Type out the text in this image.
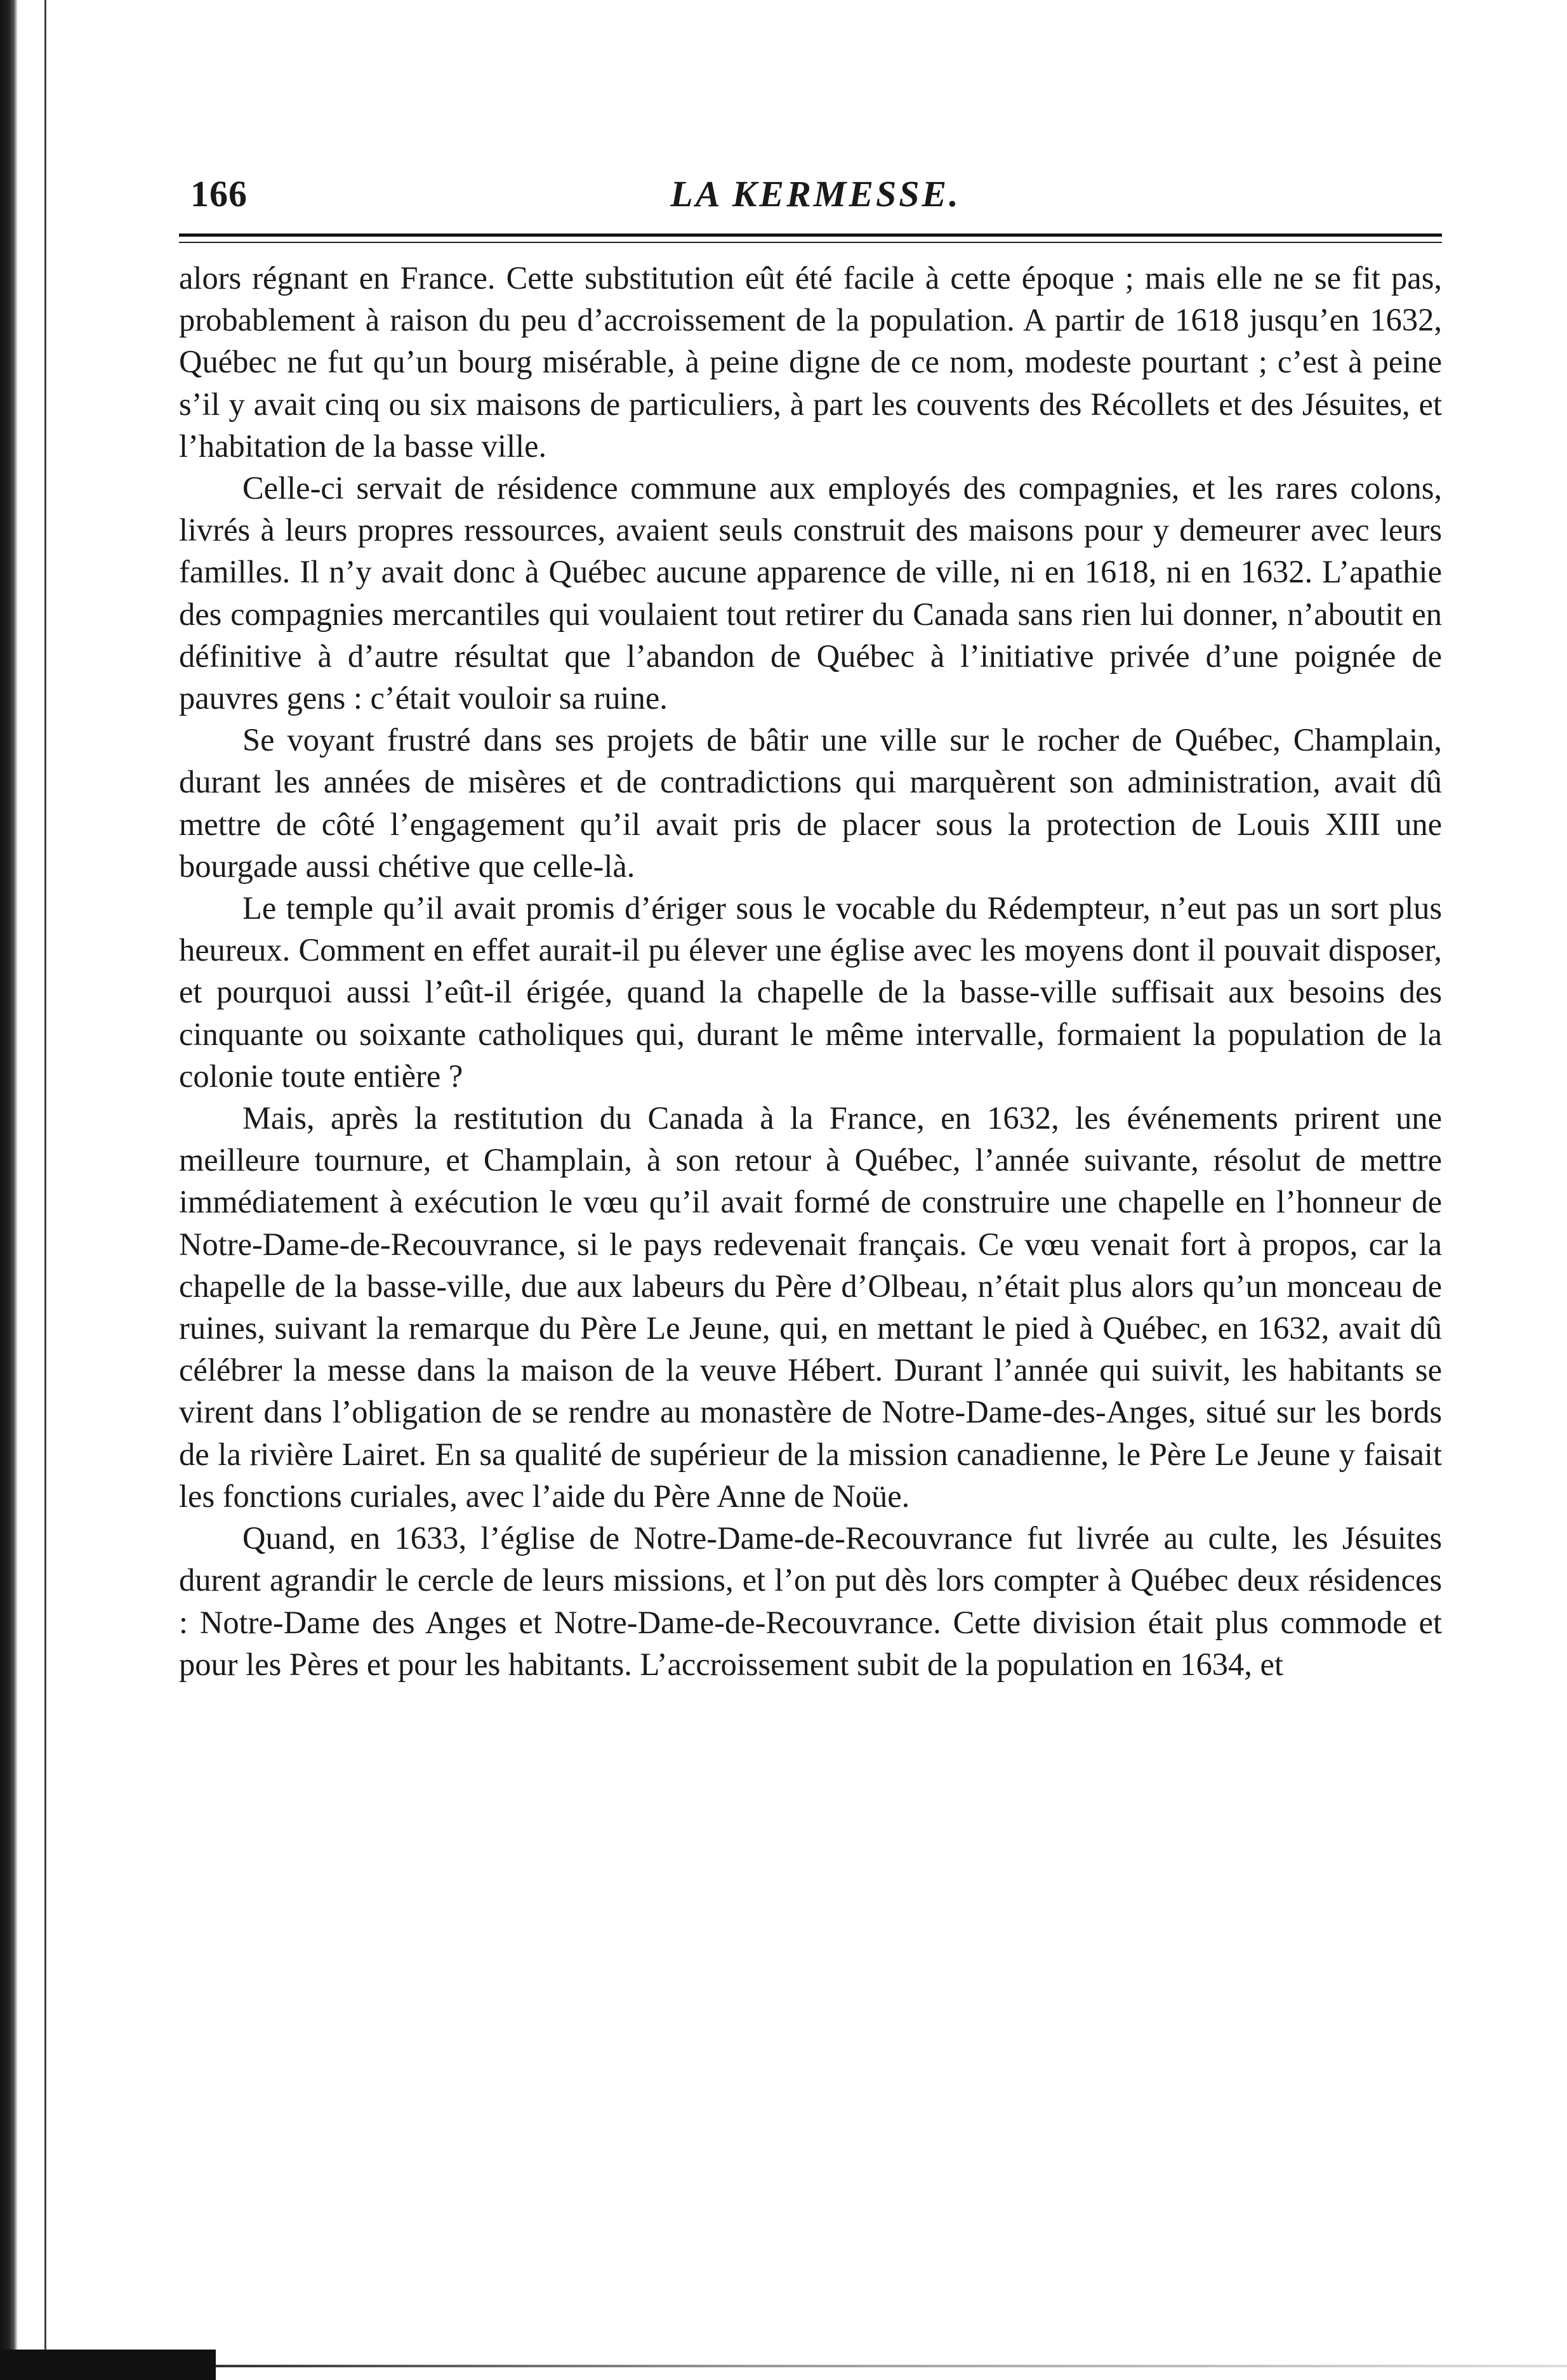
166	LA KERMESSE.

alors régnant en France. Cette substitution eût été facile à cette époque ; mais elle ne se fit pas, probablement à raison du peu d’accroissement de la population. A partir de 1618 jusqu’en 1632, Québec ne fut qu’un bourg misérable, à peine digne de ce nom, modeste pourtant ; c’est à peine s’il y avait cinq ou six maisons de particuliers, à part les couvents des Récollets et des Jésuites, et l’habitation de la basse ville.

Celle-ci servait de résidence commune aux employés des compagnies, et les rares colons, livrés à leurs propres ressources, avaient seuls construit des maisons pour y demeurer avec leurs familles. Il n’y avait donc à Québec aucune apparence de ville, ni en 1618, ni en 1632. L’apathie des compagnies mercantiles qui voulaient tout retirer du Canada sans rien lui donner, n’aboutit en définitive à d’autre résultat que l’abandon de Québec à l’initiative privée d’une poignée de pauvres gens : c’était vouloir sa ruine.

Se voyant frustré dans ses projets de bâtir une ville sur le rocher de Québec, Champlain, durant les années de misères et de contradictions qui marquèrent son administration, avait dû mettre de côté l’engagement qu’il avait pris de placer sous la protection de Louis XIII une bourgade aussi chétive que celle-là.

Le temple qu’il avait promis d’ériger sous le vocable du Rédempteur, n’eut pas un sort plus heureux. Comment en effet aurait-il pu élever une église avec les moyens dont il pouvait disposer, et pourquoi aussi l’eût-il érigée, quand la chapelle de la basse-ville suffisait aux besoins des cinquante ou soixante catholiques qui, durant le même intervalle, formaient la population de la colonie toute entière ?

Mais, après la restitution du Canada à la France, en 1632, les événements prirent une meilleure tournure, et Champlain, à son retour à Québec, l’année suivante, résolut de mettre immédiatement à exécution le vœu qu’il avait formé de construire une chapelle en l’honneur de Notre-Dame-de-Recouvrance, si le pays redevenait français. Ce vœu venait fort à propos, car la chapelle de la basse-ville, due aux labeurs du Père d’Olbeau, n’était plus alors qu’un monceau de ruines, suivant la remarque du Père Le Jeune, qui, en mettant le pied à Québec, en 1632, avait dû célébrer la messe dans la maison de la veuve Hébert. Durant l’année qui suivit, les habitants se virent dans l’obligation de se rendre au monastère de Notre-Dame-des-Anges, situé sur les bords de la rivière Lairet. En sa qualité de supérieur de la mission canadienne, le Père Le Jeune y faisait les fonctions curiales, avec l’aide du Père Anne de Noüe.

Quand, en 1633, l’église de Notre-Dame-de-Recouvrance fut livrée au culte, les Jésuites durent agrandir le cercle de leurs missions, et l’on put dès lors compter à Québec deux résidences : Notre-Dame des Anges et Notre-Dame-de-Recouvrance. Cette division était plus commode et pour les Pères et pour les habitants. L’accroissement subit de la population en 1634, et
